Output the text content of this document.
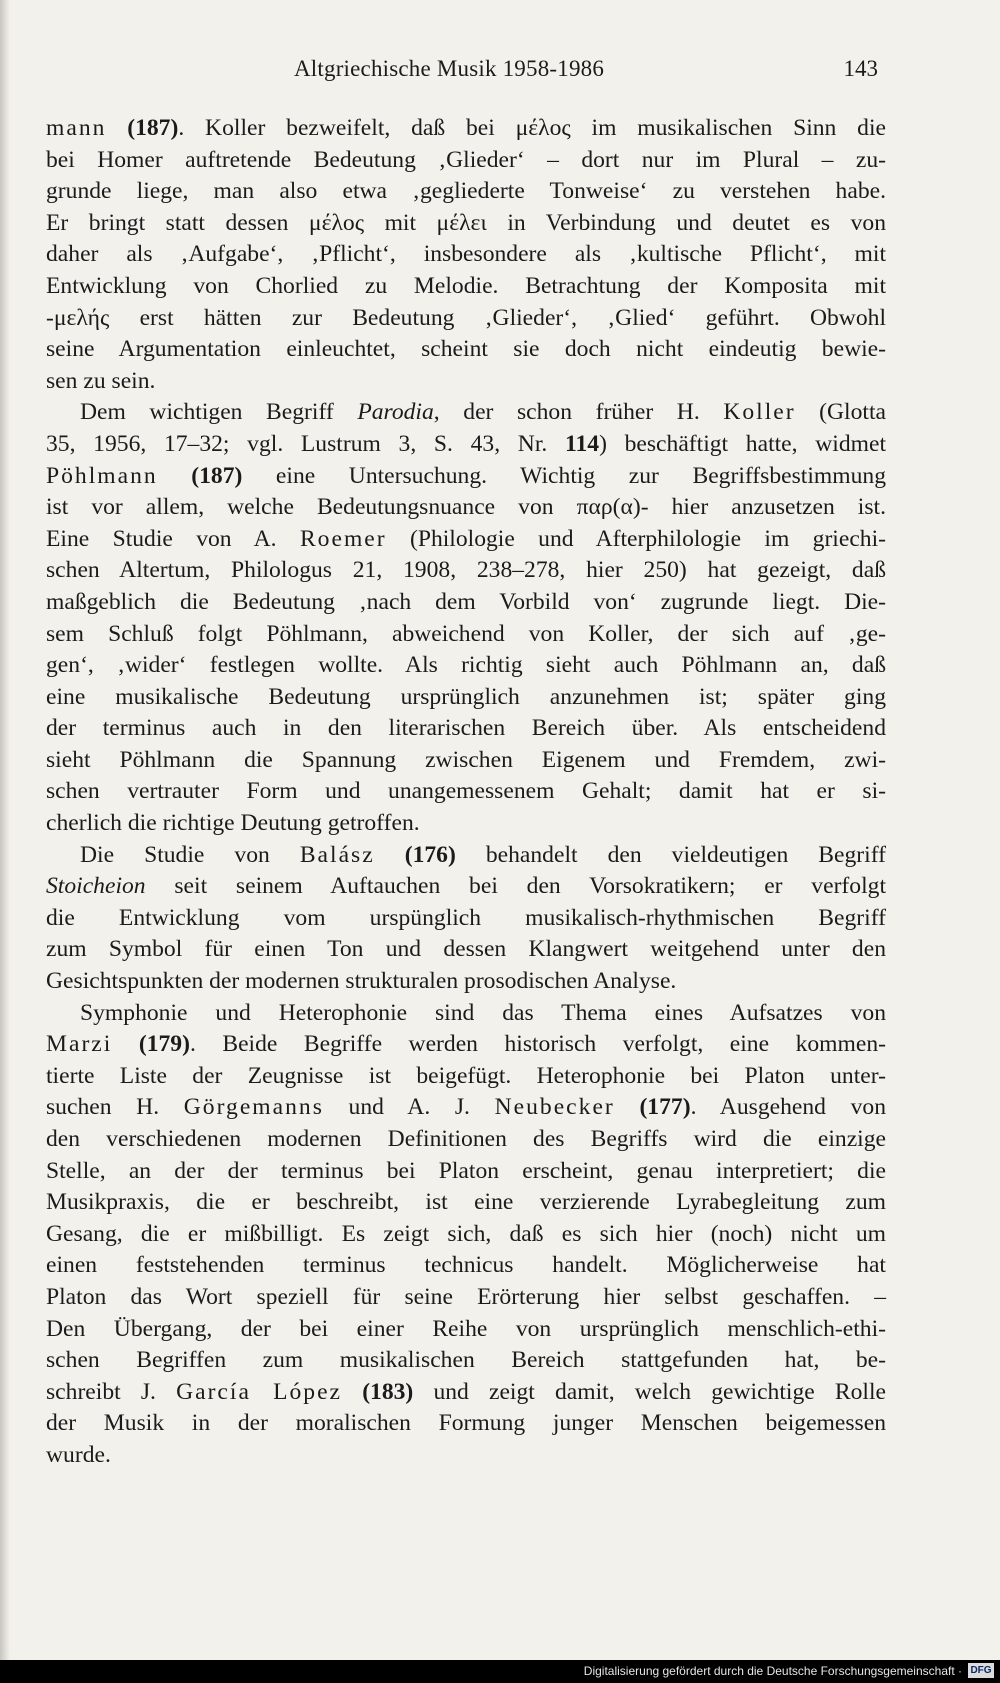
Altgriechische Musik 1958-1986	143
mann (187). Koller bezweifelt, daß bei μέλος im musikalischen Sinn die
bei Homer auftretende Bedeutung ‚Glieder‘ – dort nur im Plural – zu-
grunde liege, man also etwa ‚gegliederte Tonweise‘ zu verstehen habe.
Er bringt statt dessen μέλος mit μέλει in Verbindung und deutet es von
daher als ‚Aufgabe‘, ‚Pflicht‘, insbesondere als ‚kultische Pflicht‘, mit
Entwicklung von Chorlied zu Melodie. Betrachtung der Komposita mit
-μελής erst hätten zur Bedeutung ‚Glieder‘, ‚Glied‘ geführt. Obwohl
seine Argumentation einleuchtet, scheint sie doch nicht eindeutig bewie-
sen zu sein.
Dem wichtigen Begriff Parodia, der schon früher H. Koller (Glotta
35, 1956, 17–32; vgl. Lustrum 3, S. 43, Nr. 114) beschäftigt hatte, widmet
Pöhlmann (187) eine Untersuchung. Wichtig zur Begriffsbestimmung
ist vor allem, welche Bedeutungsnuance von παρ(α)- hier anzusetzen ist.
Eine Studie von A. Roemer (Philologie und Afterphilologie im griechi-
schen Altertum, Philologus 21, 1908, 238–278, hier 250) hat gezeigt, daß
maßgeblich die Bedeutung ‚nach dem Vorbild von‘ zugrunde liegt. Die-
sem Schluß folgt Pöhlmann, abweichend von Koller, der sich auf ‚ge-
gen‘, ‚wider‘ festlegen wollte. Als richtig sieht auch Pöhlmann an, daß
eine musikalische Bedeutung ursprünglich anzunehmen ist; später ging
der terminus auch in den literarischen Bereich über. Als entscheidend
sieht Pöhlmann die Spannung zwischen Eigenem und Fremdem, zwi-
schen vertrauter Form und unangemessenem Gehalt; damit hat er si-
cherlich die richtige Deutung getroffen.
Die Studie von Balász (176) behandelt den vieldeutigen Begriff
Stoicheion seit seinem Auftauchen bei den Vorsokratikern; er verfolgt
die Entwicklung vom urspünglich musikalisch-rhythmischen Begriff
zum Symbol für einen Ton und dessen Klangwert weitgehend unter den
Gesichtspunkten der modernen strukturalen prosodischen Analyse.
Symphonie und Heterophonie sind das Thema eines Aufsatzes von
Marzi (179). Beide Begriffe werden historisch verfolgt, eine kommen-
tierte Liste der Zeugnisse ist beigefügt. Heterophonie bei Platon unter-
suchen H. Görgemanns und A. J. Neubecker (177). Ausgehend von
den verschiedenen modernen Definitionen des Begriffs wird die einzige
Stelle, an der der terminus bei Platon erscheint, genau interpretiert; die
Musikpraxis, die er beschreibt, ist eine verzierende Lyrabegleitung zum
Gesang, die er mißbilligt. Es zeigt sich, daß es sich hier (noch) nicht um
einen feststehenden terminus technicus handelt. Möglicherweise hat
Platon das Wort speziell für seine Erörterung hier selbst geschaffen. –
Den Übergang, der bei einer Reihe von ursprünglich menschlich-ethi-
schen Begriffen zum musikalischen Bereich stattgefunden hat, be-
schreibt J. García López (183) und zeigt damit, welch gewichtige Rolle
der Musik in der moralischen Formung junger Menschen beigemessen
wurde.
Digitalisierung gefördert durch die Deutsche Forschungsgemeinschaft · DFG
